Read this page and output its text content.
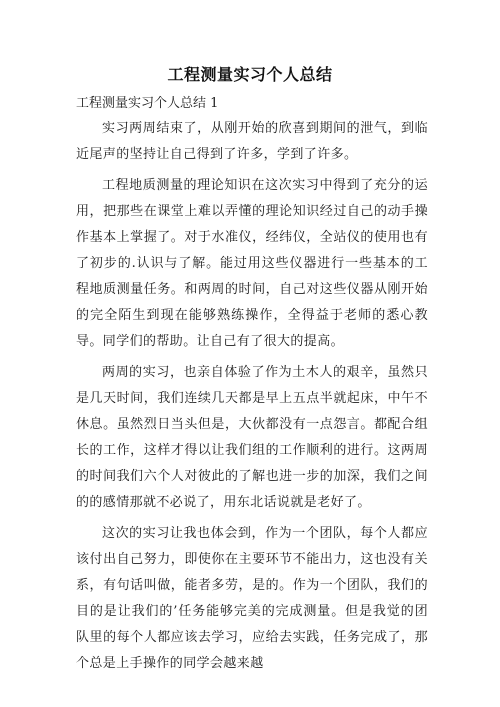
工程测量实习个人总结
工程测量实习个人总结 1

实习两周结束了，从刚开始的欣喜到期间的泄气，到临近尾声的坚持让自己得到了许多，学到了许多。

工程地质测量的理论知识在这次实习中得到了充分的运用，把那些在课堂上难以弄懂的理论知识经过自己的动手操作基本上掌握了。对于水准仪，经纬仪，全站仪的使用也有了初步的.认识与了解。能过用这些仪器进行一些基本的工程地质测量任务。和两周的时间，自己对这些仪器从刚开始的完全陌生到现在能够熟练操作，全得益于老师的悉心教导。同学们的帮助。让自己有了很大的提高。

两周的实习，也亲自体验了作为土木人的艰辛，虽然只是几天时间，我们连续几天都是早上五点半就起床，中午不休息。虽然烈日当头但是，大伙都没有一点怨言。都配合组长的工作，这样才得以让我们组的工作顺利的进行。这两周的时间我们六个人对彼此的了解也进一步的加深，我们之间的的感情那就不必说了，用东北话说就是老好了。

这次的实习让我也体会到，作为一个团队，每个人都应该付出自己努力，即使你在主要环节不能出力，这也没有关系，有句话叫做，能者多劳，是的。作为一个团队，我们的目的是让我们的’任务能够完美的完成测量。但是我觉的团队里的每个人都应该去学习，应给去实践，任务完成了，那个总是上手操作的同学会越来越
